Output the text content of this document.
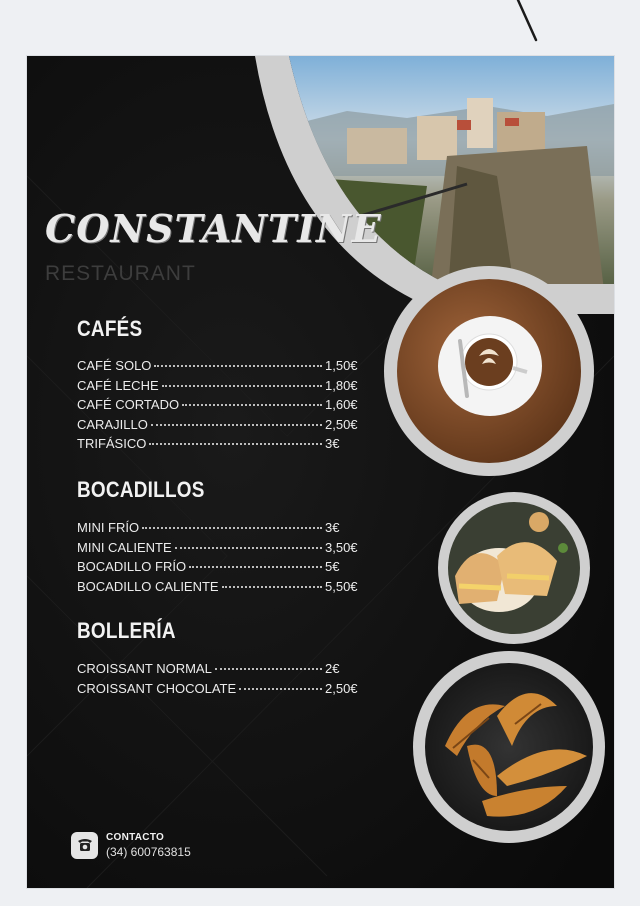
CONSTANTINE
RESTAURANT
CAFÉS
CAFÉ SOLO	1,50€
CAFÉ LECHE	1,80€
CAFÉ CORTADO	1,60€
CARAJILLO	2,50€
TRIFÁSICO	3€
BOCADILLOS
MINI FRÍO	3€
MINI CALIENTE	3,50€
BOCADILLO FRÍO	5€
BOCADILLO CALIENTE	5,50€
BOLLERÍA
CROISSANT NORMAL	2€
CROISSANT CHOCOLATE	2,50€
CONTACTO
(34) 600763815
